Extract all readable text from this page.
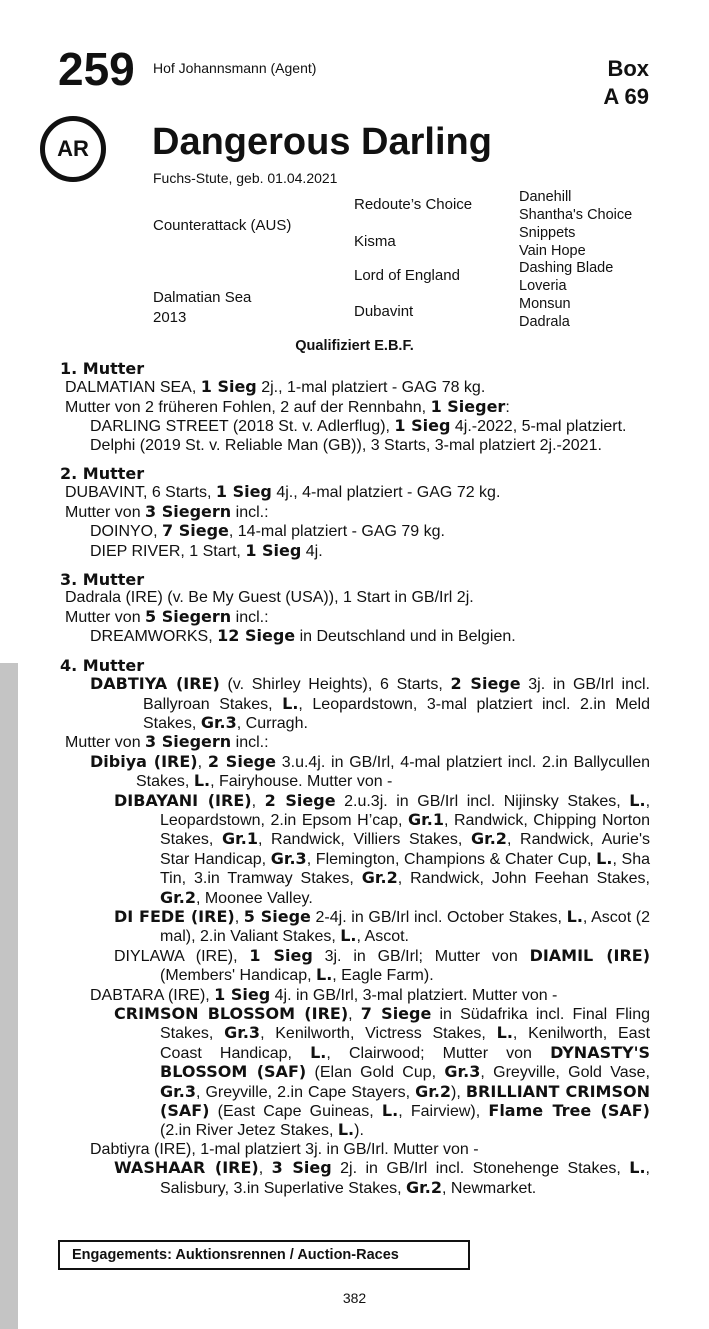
259 Hof Johannsmann (Agent)	Box
A 69
AR	Dangerous Darling
Fuchs-Stute, geb. 01.04.2021
Counterattack (AUS)
Dalmatian Sea
2013
Redoute’s Choice
Kisma
Lord of England
Dubavint
Danehill
Shantha's Choice
Snippets
Vain Hope
Dashing Blade
Loveria
Monsun
Dadrala
Qualifiziert E.B.F.
1. Mutter

DALMATIAN SEA, 1 Sieg 2j., 1-mal platziert - GAG 78 kg.

Mutter von 2 früheren Fohlen, 2 auf der Rennbahn, 1 Sieger:

DARLING STREET (2018 St. v. Adlerflug), 1 Sieg 4j.-2022, 5-mal platziert.

Delphi (2019 St. v. Reliable Man (GB)), 3 Starts, 3-mal platziert 2j.-2021.

2. Mutter

DUBAVINT, 6 Starts, 1 Sieg 4j., 4-mal platziert - GAG 72 kg.

Mutter von 3 Siegern incl.:

DOINYO, 7 Siege, 14-mal platziert - GAG 79 kg.

DIEP RIVER, 1 Start, 1 Sieg 4j.

3. Mutter

Dadrala (IRE) (v. Be My Guest (USA)), 1 Start in GB/Irl 2j.

Mutter von 5 Siegern incl.:

DREAMWORKS, 12 Siege in Deutschland und in Belgien.

4. Mutter

DABTIYA (IRE) (v. Shirley Heights), 6 Starts, 2 Siege 3j. in GB/Irl incl. Ballyroan Stakes, L., Leopardstown, 3-mal platziert incl. 2.in Meld Stakes, Gr.3, Curragh.

Mutter von 3 Siegern incl.:

Dibiya (IRE), 2 Siege 3.u.4j. in GB/Irl, 4-mal platziert incl. 2.in Ballycullen Stakes, L., Fairyhouse. Mutter von -

DIBAYANI (IRE), 2 Siege 2.u.3j. in GB/Irl incl. Nijinsky Stakes, L., Leopardstown, 2.in Epsom H’cap, Gr.1, Randwick, Chipping Norton Stakes, Gr.1, Randwick, Villiers Stakes, Gr.2, Randwick, Aurie's Star Handicap, Gr.3, Flemington, Champions & Chater Cup, L., Sha Tin, 3.in Tramway Stakes, Gr.2, Randwick, John Feehan Stakes, Gr.2, Moonee Valley.

DI FEDE (IRE), 5 Siege 2-4j. in GB/Irl incl. October Stakes, L., Ascot (2 mal), 2.in Valiant Stakes, L., Ascot.

DIYLAWA (IRE), 1 Sieg 3j. in GB/Irl; Mutter von DIAMIL (IRE) (Members' Handicap, L., Eagle Farm).

DABTARA (IRE), 1 Sieg 4j. in GB/Irl, 3-mal platziert. Mutter von -

CRIMSON BLOSSOM (IRE), 7 Siege in Südafrika incl. Final Fling Stakes, Gr.3, Kenilworth, Victress Stakes, L., Kenilworth, East Coast Handicap, L., Clairwood; Mutter von DYNASTY'S BLOSSOM (SAF) (Elan Gold Cup, Gr.3, Greyville, Gold Vase, Gr.3, Greyville, 2.in Cape Stayers, Gr.2), BRILLIANT CRIMSON (SAF) (East Cape Guineas, L., Fairview), Flame Tree (SAF) (2.in River Jetez Stakes, L.).

Dabtiyra (IRE), 1-mal platziert 3j. in GB/Irl. Mutter von -

WASHAAR (IRE), 3 Sieg 2j. in GB/Irl incl. Stonehenge Stakes, L., Salisbury, 3.in Superlative Stakes, Gr.2, Newmarket.

Engagements: Auktionsrennen / Auction-Races
382
